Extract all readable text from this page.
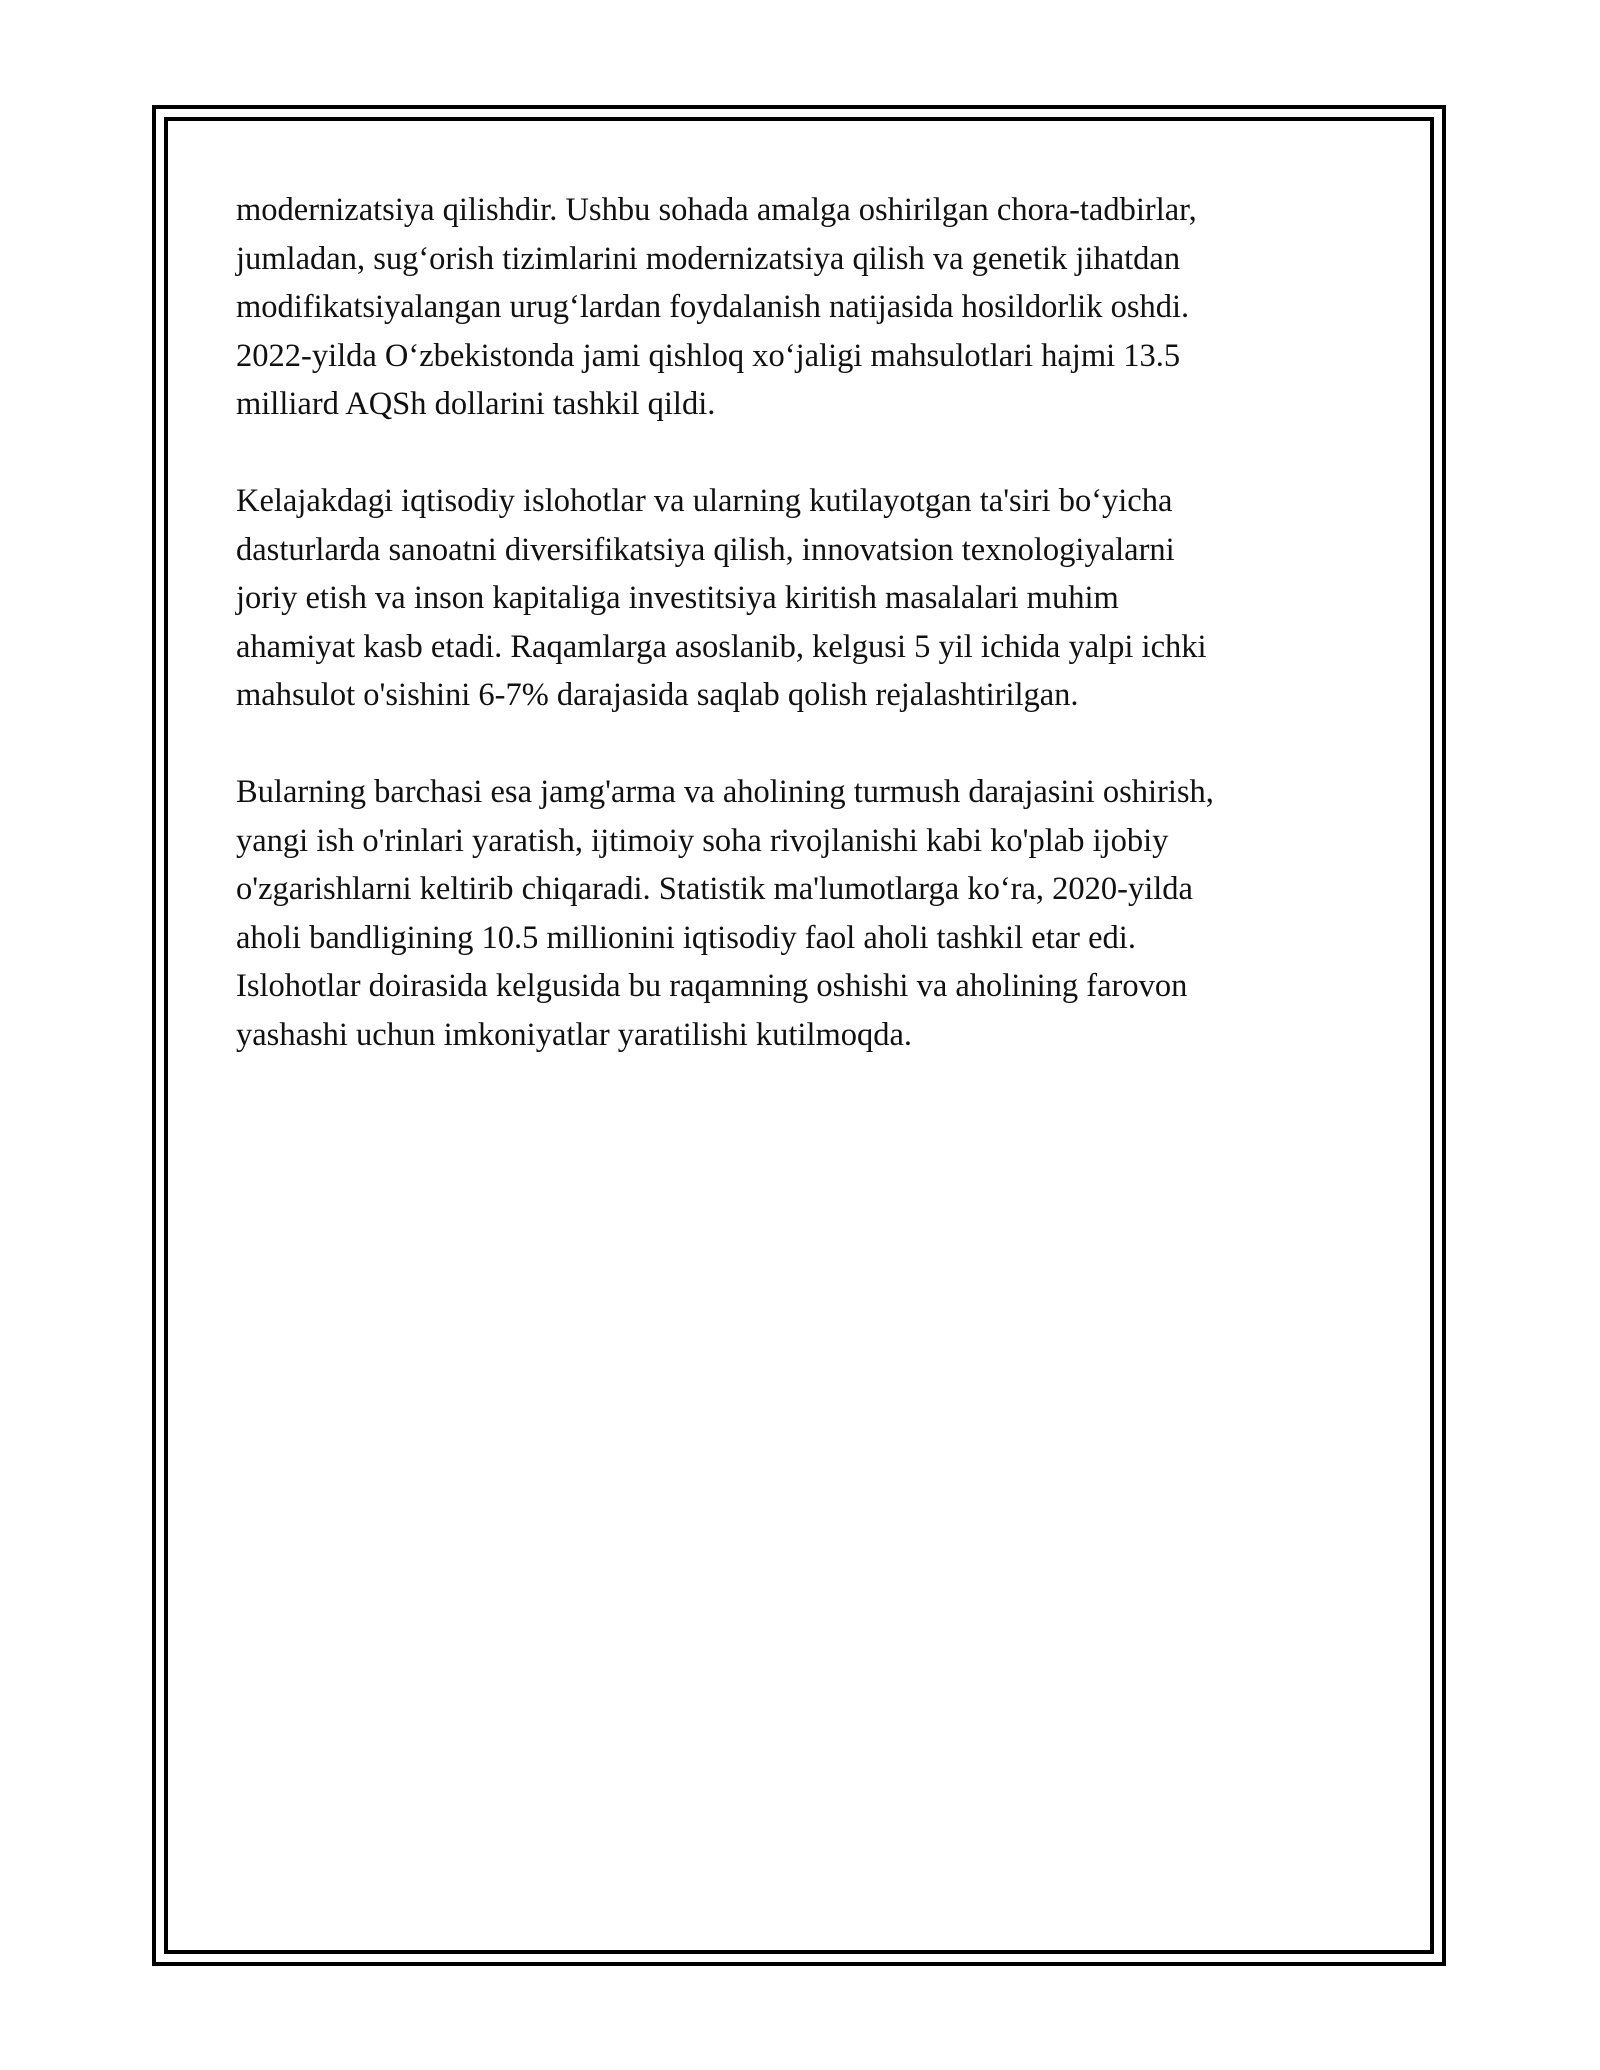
modernizatsiya qilishdir. Ushbu sohada amalga oshirilgan chora-tadbirlar,
jumladan, sug‘orish tizimlarini modernizatsiya qilish va genetik jihatdan
modifikatsiyalangan urug‘lardan foydalanish natijasida hosildorlik oshdi.
2022-yilda O‘zbekistonda jami qishloq xo‘jaligi mahsulotlari hajmi 13.5
milliard AQSh dollarini tashkil qildi.

Kelajakdagi iqtisodiy islohotlar va ularning kutilayotgan ta'siri bo‘yicha
dasturlarda sanoatni diversifikatsiya qilish, innovatsion texnologiyalarni
joriy etish va inson kapitaliga investitsiya kiritish masalalari muhim
ahamiyat kasb etadi. Raqamlarga asoslanib, kelgusi 5 yil ichida yalpi ichki
mahsulot o'sishini 6-7% darajasida saqlab qolish rejalashtirilgan.

Bularning barchasi esa jamg'arma va aholining turmush darajasini oshirish,
yangi ish o'rinlari yaratish, ijtimoiy soha rivojlanishi kabi ko'plab ijobiy
o'zgarishlarni keltirib chiqaradi. Statistik ma'lumotlarga ko‘ra, 2020-yilda
aholi bandligining 10.5 millionini iqtisodiy faol aholi tashkil etar edi.
Islohotlar doirasida kelgusida bu raqamning oshishi va aholining farovon
yashashi uchun imkoniyatlar yaratilishi kutilmoqda.
